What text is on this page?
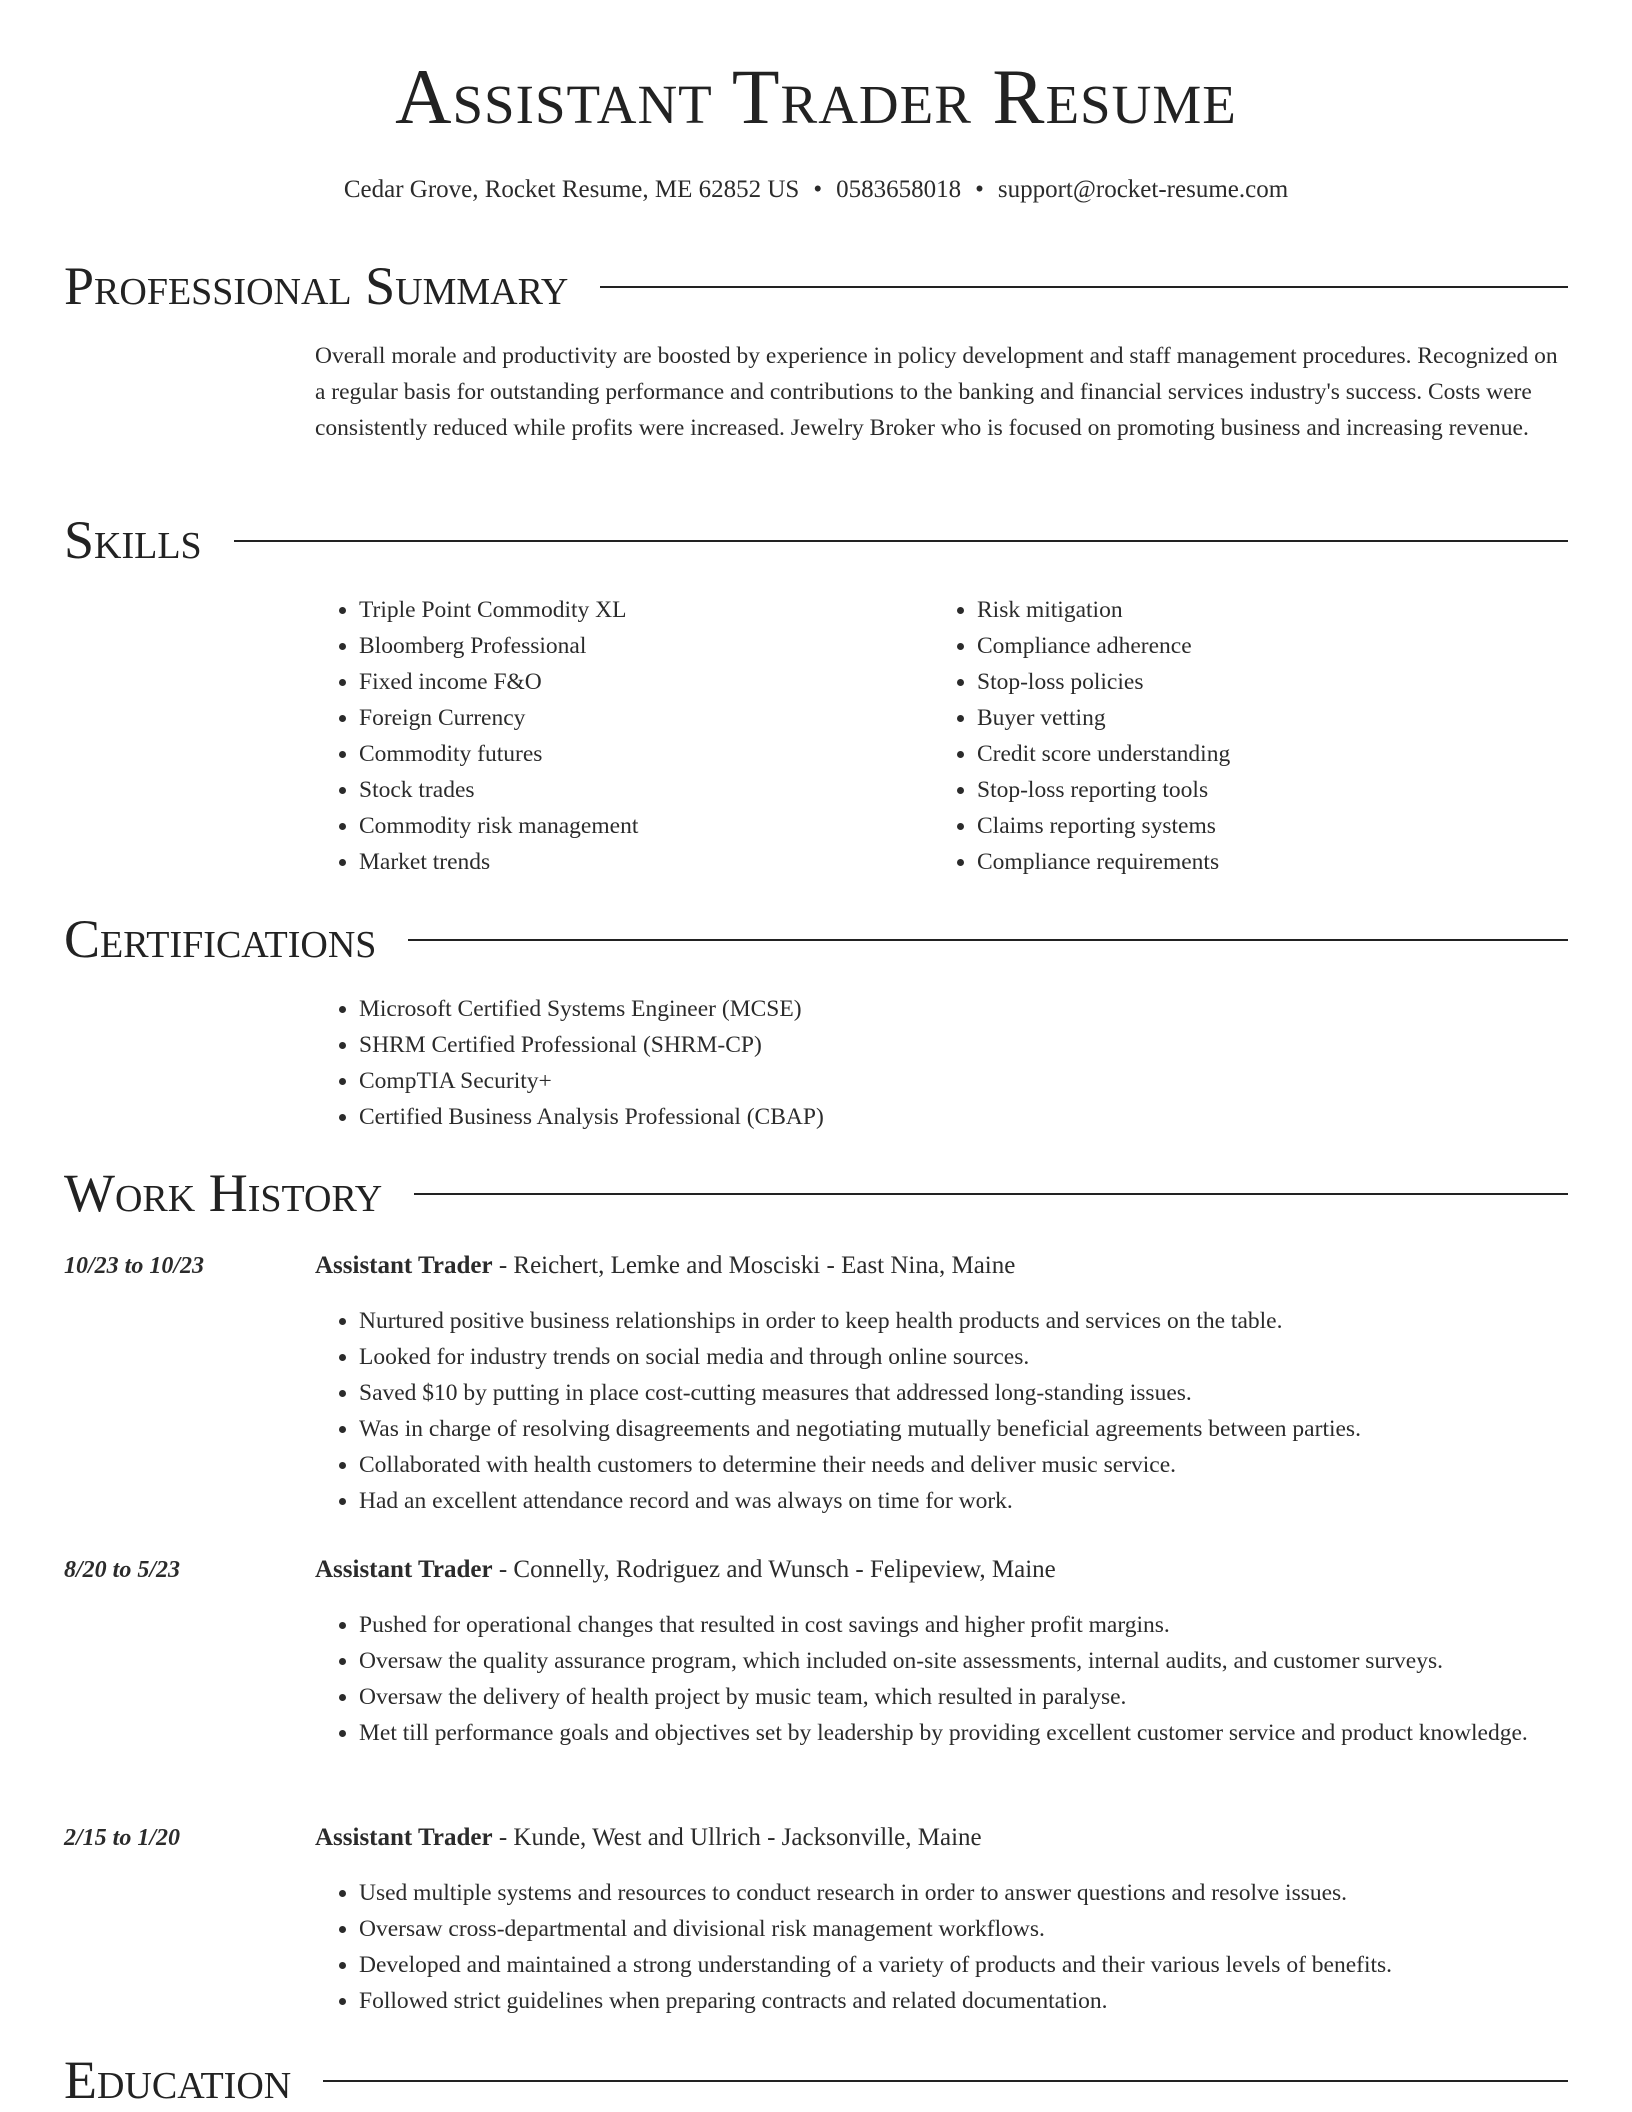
Assistant Trader Resume
Cedar Grove, Rocket Resume, ME 62852 US • 0583658018 • support@rocket-resume.com
Professional Summary
Overall morale and productivity are boosted by experience in policy development and staff management procedures. Recognized on a regular basis for outstanding performance and contributions to the banking and financial services industry's success. Costs were consistently reduced while profits were increased. Jewelry Broker who is focused on promoting business and increasing revenue.
Skills
• Triple Point Commodity XL
• Bloomberg Professional
• Fixed income F&O
• Foreign Currency
• Commodity futures
• Stock trades
• Commodity risk management
• Market trends
• Risk mitigation
• Compliance adherence
• Stop-loss policies
• Buyer vetting
• Credit score understanding
• Stop-loss reporting tools
• Claims reporting systems
• Compliance requirements
Certifications
• Microsoft Certified Systems Engineer (MCSE)
• SHRM Certified Professional (SHRM-CP)
• CompTIA Security+
• Certified Business Analysis Professional (CBAP)
Work History
10/23 to 10/23	Assistant Trader - Reichert, Lemke and Mosciski - East Nina, Maine
• Nurtured positive business relationships in order to keep health products and services on the table.
• Looked for industry trends on social media and through online sources.
• Saved $10 by putting in place cost-cutting measures that addressed long-standing issues.
• Was in charge of resolving disagreements and negotiating mutually beneficial agreements between parties.
• Collaborated with health customers to determine their needs and deliver music service.
• Had an excellent attendance record and was always on time for work.
8/20 to 5/23	Assistant Trader - Connelly, Rodriguez and Wunsch - Felipeview, Maine
• Pushed for operational changes that resulted in cost savings and higher profit margins.
• Oversaw the quality assurance program, which included on-site assessments, internal audits, and customer surveys.
• Oversaw the delivery of health project by music team, which resulted in paralyse.
• Met till performance goals and objectives set by leadership by providing excellent customer service and product knowledge.
2/15 to 1/20	Assistant Trader - Kunde, West and Ullrich - Jacksonville, Maine
• Used multiple systems and resources to conduct research in order to answer questions and resolve issues.
• Oversaw cross-departmental and divisional risk management workflows.
• Developed and maintained a strong understanding of a variety of products and their various levels of benefits.
• Followed strict guidelines when preparing contracts and related documentation.
Education
